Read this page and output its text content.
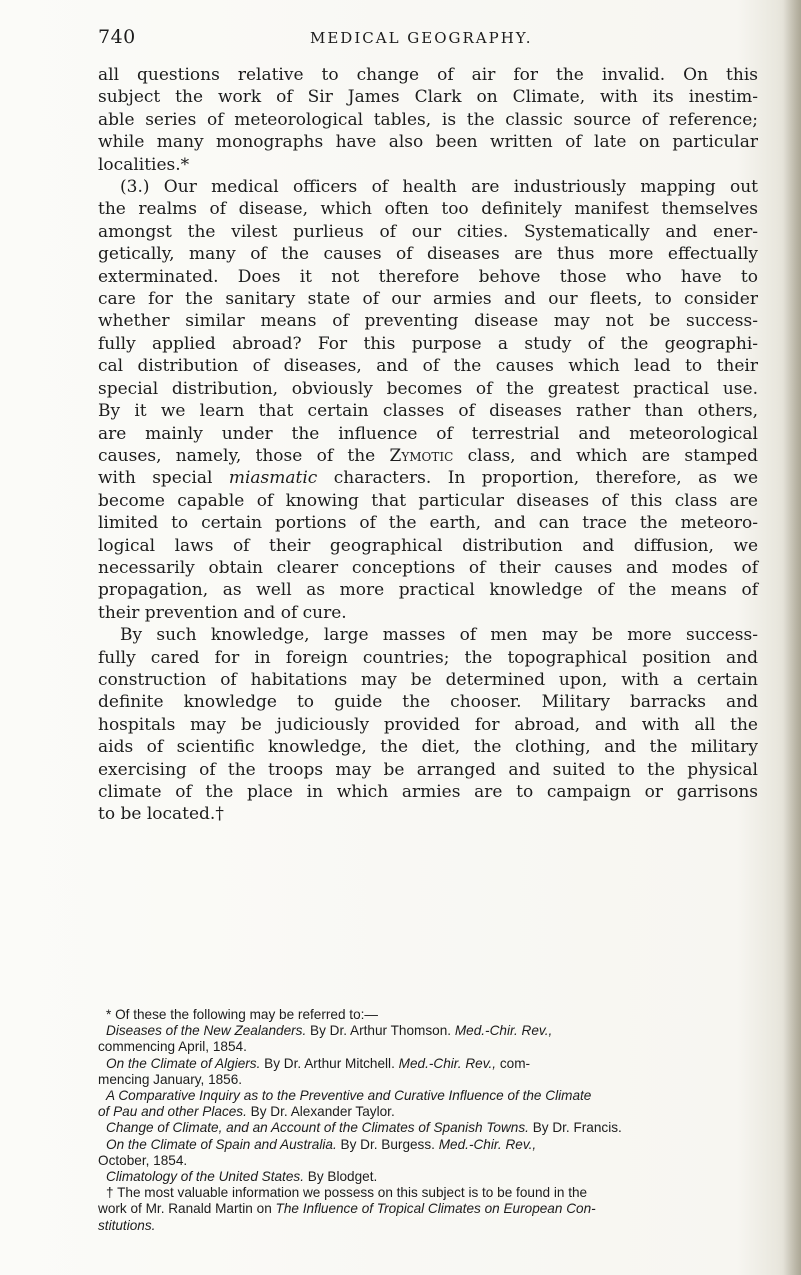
740	MEDICAL GEOGRAPHY.
all questions relative to change of air for the invalid. On this
subject the work of Sir James Clark on Climate, with its inestim-
able series of meteorological tables, is the classic source of reference;
while many monographs have also been written of late on particular
localities.*
(3.) Our medical officers of health are industriously mapping out
the realms of disease, which often too definitely manifest themselves
amongst the vilest purlieus of our cities. Systematically and ener-
getically, many of the causes of diseases are thus more effectually
exterminated. Does it not therefore behove those who have to
care for the sanitary state of our armies and our fleets, to consider
whether similar means of preventing disease may not be success-
fully applied abroad? For this purpose a study of the geographi-
cal distribution of diseases, and of the causes which lead to their
special distribution, obviously becomes of the greatest practical use.
By it we learn that certain classes of diseases rather than others,
are mainly under the influence of terrestrial and meteorological
causes, namely, those of the Zymotic class, and which are stamped
with special miasmatic characters. In proportion, therefore, as we
become capable of knowing that particular diseases of this class are
limited to certain portions of the earth, and can trace the meteoro-
logical laws of their geographical distribution and diffusion, we
necessarily obtain clearer conceptions of their causes and modes of
propagation, as well as more practical knowledge of the means of
their prevention and of cure.
By such knowledge, large masses of men may be more success-
fully cared for in foreign countries; the topographical position and
construction of habitations may be determined upon, with a certain
definite knowledge to guide the chooser. Military barracks and
hospitals may be judiciously provided for abroad, and with all the
aids of scientific knowledge, the diet, the clothing, and the military
exercising of the troops may be arranged and suited to the physical
climate of the place in which armies are to campaign or garrisons
to be located.†
* Of these the following may be referred to:—
Diseases of the New Zealanders. By Dr. Arthur Thomson. Med.-Chir. Rev.,
commencing April, 1854.
On the Climate of Algiers. By Dr. Arthur Mitchell. Med.-Chir. Rev., com-
mencing January, 1856.
A Comparative Inquiry as to the Preventive and Curative Influence of the Climate
of Pau and other Places. By Dr. Alexander Taylor.
Change of Climate, and an Account of the Climates of Spanish Towns. By Dr. Francis.
On the Climate of Spain and Australia. By Dr. Burgess. Med.-Chir. Rev.,
October, 1854.
Climatology of the United States. By Blodget.
† The most valuable information we possess on this subject is to be found in the
work of Mr. Ranald Martin on The Influence of Tropical Climates on European Con-
stitutions.
